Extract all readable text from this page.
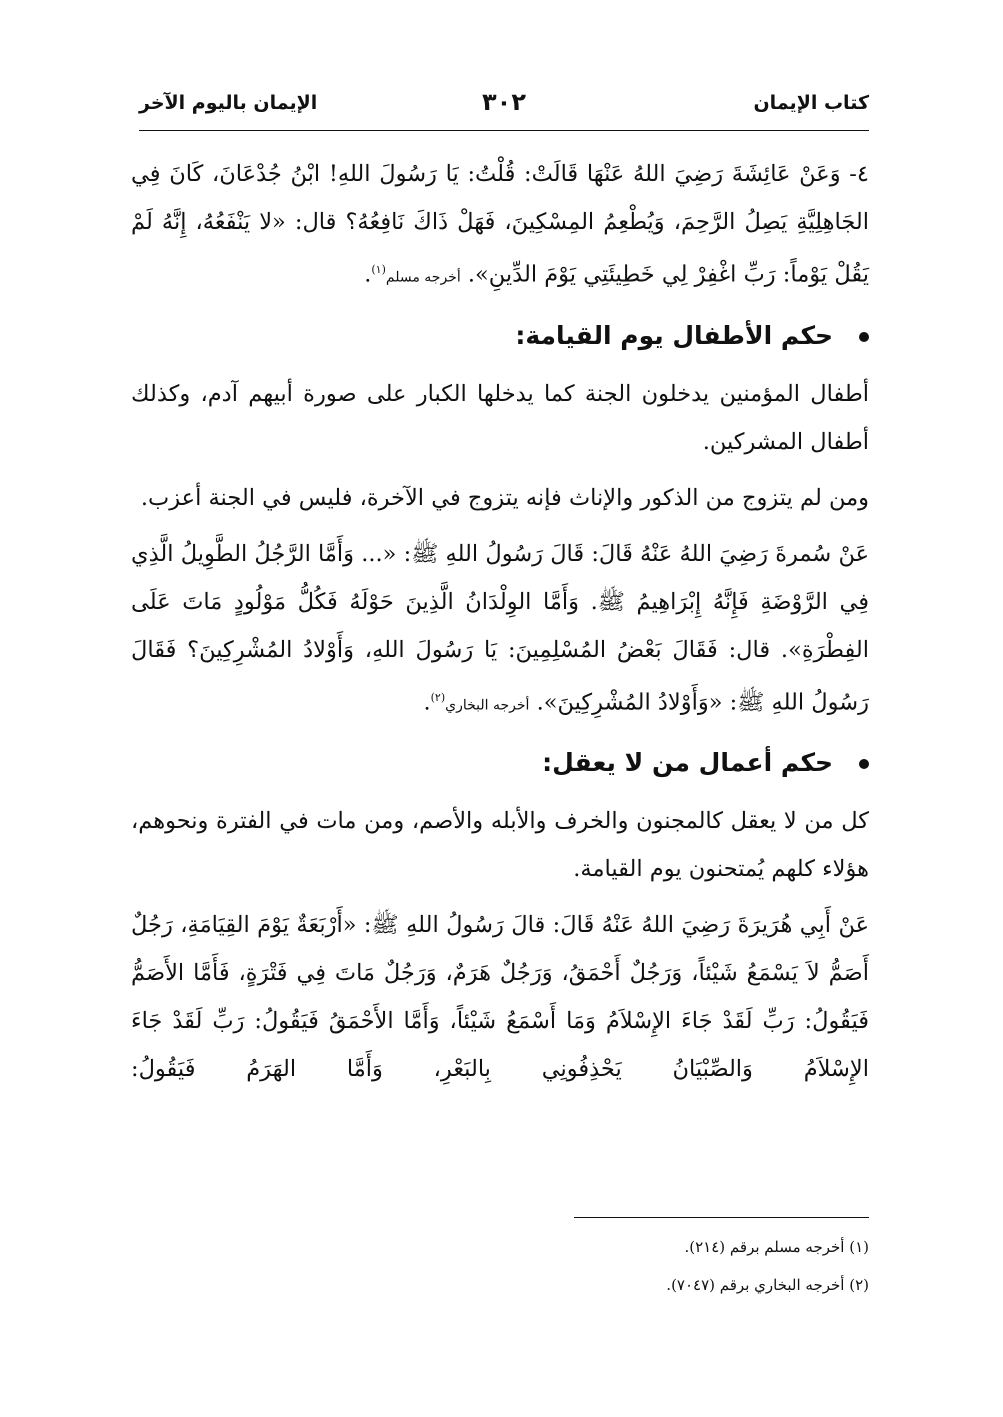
كتاب الإيمان
٣٠٢
الإيمان باليوم الآخر

٤- وَعَنْ عَائِشَةَ رَضِيَ اللهُ عَنْهَا قَالَتْ: قُلْتُ: يَا رَسُولَ اللهِ! ابْنُ جُدْعَانَ، كَانَ فِي الجَاهِلِيَّةِ يَصِلُ الرَّحِمَ، وَيُطْعِمُ المِسْكِينَ، فَهَلْ ذَاكَ نَافِعُهُ؟ قال: «لا يَنْفَعُهُ، إِنَّهُ لَمْ يَقُلْ يَوْماً: رَبِّ اغْفِرْ لِي خَطِيئَتِي يَوْمَ الدِّينِ». أخرجه مسلم$^{(١)}$.

حكم الأطفال يوم القيامة:

أطفال المؤمنين يدخلون الجنة كما يدخلها الكبار على صورة أبيهم آدم، وكذلك أطفال المشركين.

ومن لم يتزوج من الذكور والإناث فإنه يتزوج في الآخرة، فليس في الجنة أعزب.

عَنْ سُمرةَ رَضِيَ اللهُ عَنْهُ قَالَ: قَالَ رَسُولُ اللهِ ﷺ: «... وَأَمَّا الرَّجُلُ الطَّوِيلُ الَّذِي فِي الرَّوْضَةِ فَإِنَّهُ إِبْرَاهِيمُ ﷺ. وَأَمَّا الوِلْدَانُ الَّذِينَ حَوْلَهُ فَكُلُّ مَوْلُودٍ مَاتَ عَلَى الفِطْرَةِ». قال: فَقَالَ بَعْضُ المُسْلِمِينَ: يَا رَسُولَ اللهِ، وَأَوْلادُ المُشْرِكِينَ؟ فَقَالَ رَسُولُ اللهِ ﷺ: «وَأَوْلادُ المُشْرِكِينَ». أخرجه البخاري$^{(٢)}$.

حكم أعمال من لا يعقل:

كل من لا يعقل كالمجنون والخرف والأبله والأصم، ومن مات في الفترة ونحوهم، هؤلاء كلهم يُمتحنون يوم القيامة.

عَنْ أَبِي هُرَيرَةَ رَضِيَ اللهُ عَنْهُ قَالَ: قالَ رَسُولُ اللهِ ﷺ: «أَرْبَعَةٌ يَوْمَ القِيَامَةِ، رَجُلٌ أَصَمُّ لاَ يَسْمَعُ شَيْئاً، وَرَجُلٌ أَحْمَقُ، وَرَجُلٌ هَرَمٌ، وَرَجُلٌ مَاتَ فِي فَتْرَةٍ، فَأَمَّا الأَصَمُّ فَيَقُولُ: رَبِّ لَقَدْ جَاءَ الإِسْلاَمُ وَمَا أَسْمَعُ شَيْئاً، وَأَمَّا الأَحْمَقُ فَيَقُولُ: رَبِّ لَقَدْ جَاءَ الإِسْلاَمُ وَالصِّبْيَانُ يَحْذِفُونِي بِالبَعْرِ، وَأَمَّا الهَرَمُ فَيَقُولُ:

(١) أخرجه مسلم برقم (٢١٤).
(٢) أخرجه البخاري برقم (٧٠٤٧).
